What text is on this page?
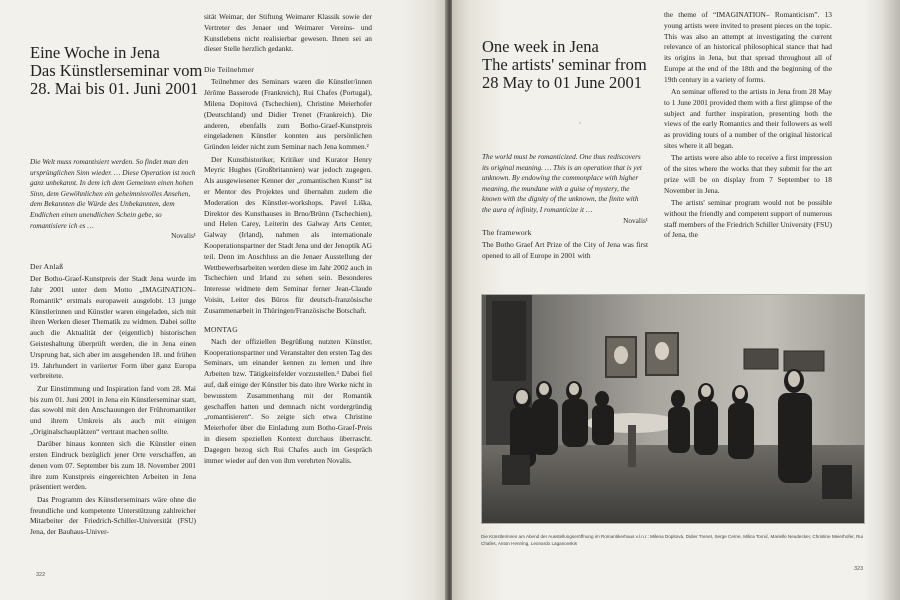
Eine Woche in Jena
Das Künstlerseminar vom
28. Mai bis 01. Juni 2001
Die Welt muss romantisiert werden. So findet man den ursprünglichen Sinn wieder. … Diese Operation ist noch ganz unbekannt. In dem ich dem Gemeinen einen hohen Sinn, dem Gewöhnlichen ein geheimnisvolles Ansehen, dem Bekannten die Würde des Unbekannten, dem Endlichen einen unendlichen Schein gebe, so romantisiere ich es …
Novalis¹

Der Anlaß

Der Botho-Graef-Kunstpreis der Stadt Jena wurde im Jahr 2001 unter dem Motto „IMAGINATION– Romantik“ erstmals europaweit ausgelobt. 13 junge Künstlerinnen und Künstler waren eingeladen, sich mit ihren Werken dieser Thematik zu widmen. Dabei sollte auch die Aktualität der (eigentlich) historischen Geisteshaltung überprüft werden, die in Jena einen Ursprung hat, sich aber im ausgehenden 18. und frühen 19. Jahrhundert in variierter Form über ganz Europa verbreitete.

Zur Einstimmung und Inspiration fand vom 28. Mai bis zum 01. Juni 2001 in Jena ein Künstlerseminar statt, das sowohl mit den Anschauungen der Frühromantiker und ihrem Umkreis als auch mit einigen „Originalschauplätzen“ vertraut machen sollte.

Darüber hinaus konnten sich die Künstler einen ersten Eindruck bezüglich jener Orte verschaffen, an denen vom 07. September bis zum 18. November 2001 ihre zum Kunstpreis eingereichten Arbeiten in Jena präsentiert werden.

Das Programm des Künstlerseminars wäre ohne die freundliche und kompetente Unterstützung zahlreicher Mitarbeiter der Friedrich-Schiller-Universität (FSU) Jena, der Bauhaus-Univer-

sität Weimar, der Stiftung Weimarer Klassik sowie der Vertreter des Jenaer und Weimarer Vereins- und Kunstlebens nicht realisierbar gewesen. Ihnen sei an dieser Stelle herzlich gedankt.

Die Teilnehmer

Teilnehmer des Seminars waren die Künstler/innen Jérôme Basserode (Frankreich), Rui Chafes (Portugal), Milena Dopitová (Tschechien), Christine Meierhofer (Deutschland) und Didier Trenet (Frankreich). Die anderen, ebenfalls zum Botho-Graef-Kunstpreis eingeladenen Künstler konnten aus persönlichen Gründen leider nicht zum Seminar nach Jena kommen.²

Der Kunsthistoriker, Kritiker und Kurator Henry Meyric Hughes (Großbritannien) war jedoch zugegen. Als ausgewiesener Kenner der „romantischen Kunst“ ist er Mentor des Projektes und übernahm zudem die Moderation des Künstler-workshops. Pavel Liška, Direktor des Kunsthauses in Brno/Brünn (Tschechien), und Helen Carey, Leiterin des Galway Arts Center, Galway (Irland), nahmen als internationale Kooperationspartner der Stadt Jena und der Jenoptik AG teil. Denn im Anschluss an die Jenaer Ausstellung der Wettbewerbsarbeiten werden diese im Jahr 2002 auch in Tschechien und Irland zu sehen sein. Besonderes Interesse widmete dem Seminar ferner Jean-Claude Voisin, Leiter des Büros für deutsch-französische Zusammenarbeit in Thüringen/Französische Botschaft.

MONTAG

Nach der offiziellen Begrüßung nutzten Künstler, Kooperationspartner und Veranstalter den ersten Tag des Seminars, um einander kennen zu lernen und ihre Arbeiten bzw. Tätigkeitsfelder vorzustellen.³ Dabei fiel auf, daß einige der Künstler bis dato ihre Werke nicht in bewusstem Zusammenhang mit der Romantik geschaffen hatten und demnach nicht vordergründig „romantisieren“. So zeigte sich etwa Christine Meierhofer über die Einladung zum Botho-Graef-Preis in diesem speziellen Kontext durchaus überrascht. Dagegen bezog sich Rui Chafes auch im Gespräch immer wieder auf den von ihm verehrten Novalis.

322
One week in Jena
The artists' seminar from
28 May to 01 June 2001
›
The world must be romanticized. One thus rediscovers its original meaning. … This is an operation that is yet unknown. By endowing the commonplace with higher meaning, the mundane with a guise of mystery, the known with the dignity of the unknown, the finite with the aura of infinity, I romanticize it …
Novalis¹

The framework

The Botho Graef Art Prize of the City of Jena was first opened to all of Europe in 2001 with

the theme of “IMAGINATION– Romanticism”. 13 young artists were invited to present pieces on the topic. This was also an attempt at investigating the current relevance of an historical philosophical stance that had its origins in Jena, but that spread throughout all of Europe at the end of the 18th and the beginning of the 19th century in a variety of forms.

An seminar offered to the artists in Jena from 28 May to 1 June 2001 provided them with a first glimpse of the subject and further inspiration, presenting both the views of the early Romantics and their followers as well as providing tours of a number of the original historical sites where it all began.

The artists were also able to receive a first impression of the sites where the works that they submit for the art prize will be on display from 7 September to 18 November in Jena.

The artists' seminar program would not be possible without the friendly and competent support of numerous staff members of the Friedrich Schiller University (FSU) of Jena, the

Die Künstlerinnen am Abend der Ausstellungseröffnung im Romantikerhaus v.l.n.r.: Milena Dopitová, Didier Trenet, Serge Cerne, Milica Tomić, Marielle Neudecker, Christine Meierhofer, Rui Chafes, Anton Henning, Leonardo Laganovskis
323
